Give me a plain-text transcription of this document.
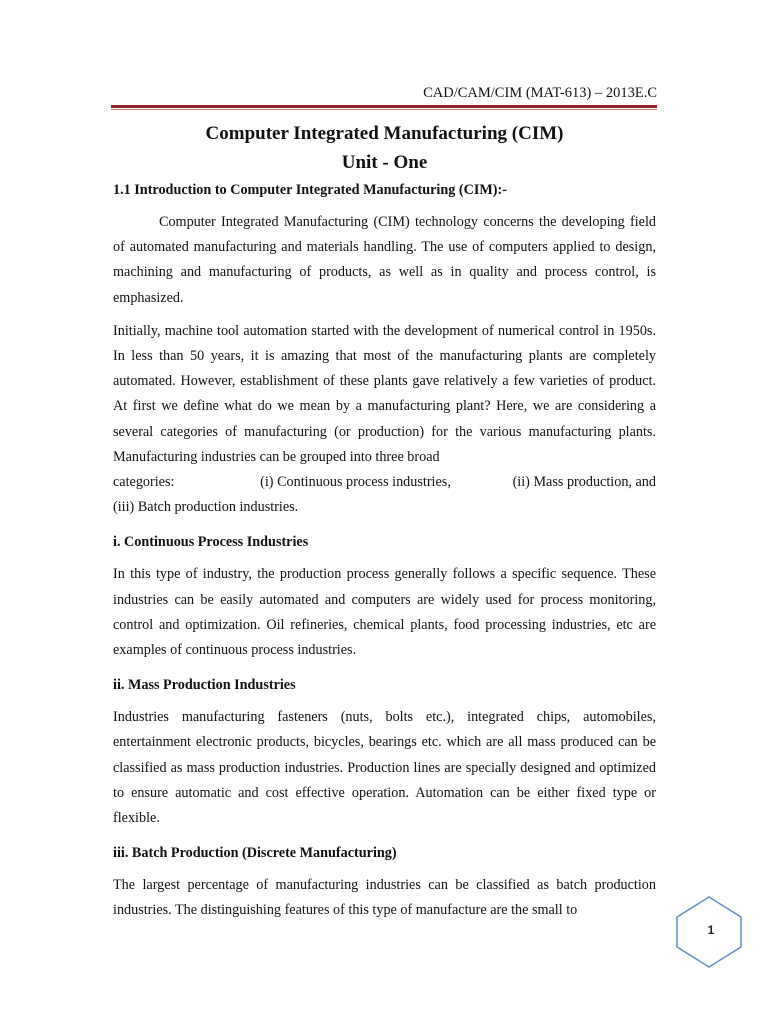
CAD/CAM/CIM (MAT-613) – 2013E.C
Computer Integrated Manufacturing (CIM)
Unit - One
1.1 Introduction to Computer Integrated Manufacturing (CIM):-

Computer Integrated Manufacturing (CIM) technology concerns the developing field of automated manufacturing and materials handling. The use of computers applied to design, machining and manufacturing of products, as well as in quality and process control, is emphasized.

Initially, machine tool automation started with the development of numerical control in 1950s. In less than 50 years, it is amazing that most of the manufacturing plants are completely automated. However, establishment of these plants gave relatively a few varieties of product. At first we define what do we mean by a manufacturing plant? Here, we are considering a several categories of manufacturing (or production) for the various manufacturing plants. Manufacturing industries can be grouped into three broad

categories:	(i) Continuous process industries,	(ii) Mass production, and
(iii) Batch production industries.
i. Continuous Process Industries

In this type of industry, the production process generally follows a specific sequence. These industries can be easily automated and computers are widely used for process monitoring, control and optimization. Oil refineries, chemical plants, food processing industries, etc are examples of continuous process industries.

ii. Mass Production Industries

Industries manufacturing fasteners (nuts, bolts etc.), integrated chips, automobiles, entertainment electronic products, bicycles, bearings etc. which are all mass produced can be classified as mass production industries. Production lines are specially designed and optimized to ensure automatic and cost effective operation. Automation can be either fixed type or flexible.

iii. Batch Production (Discrete Manufacturing)

The largest percentage of manufacturing industries can be classified as batch production industries. The distinguishing features of this type of manufacture are the small to

1
